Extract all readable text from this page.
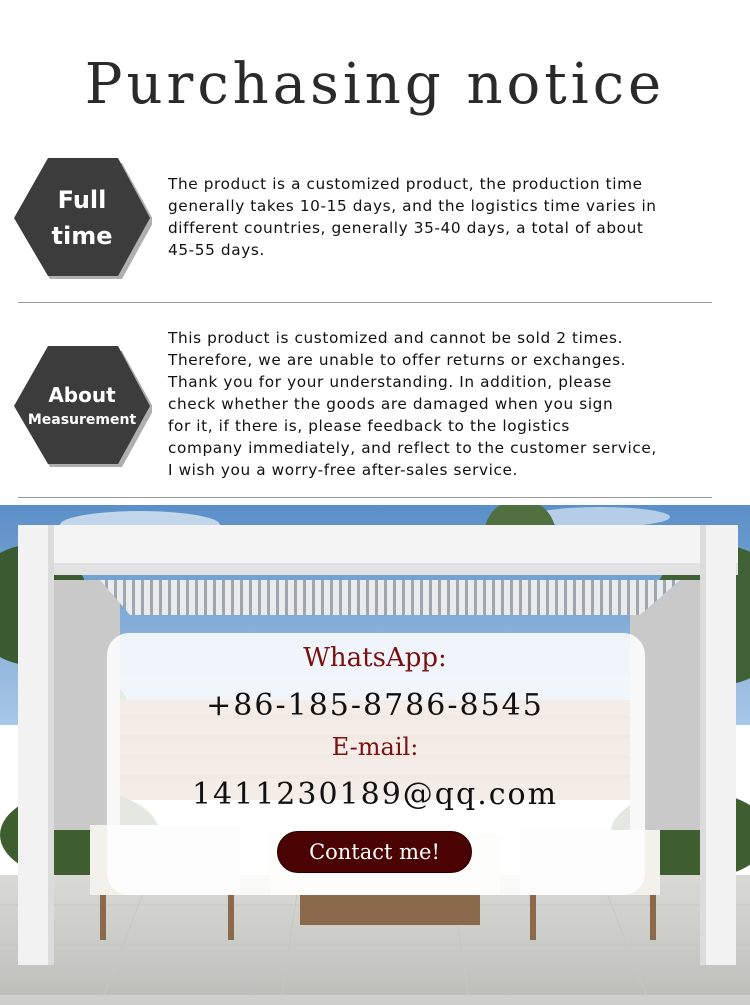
Purchasing notice
Full
time
The product is a customized product, the production time
generally takes 10-15 days, and the logistics time varies in
different countries, generally 35-40 days, a total of about
45-55 days.
About
Measurement
This product is customized and cannot be sold 2 times.
Therefore, we are unable to offer returns or exchanges.
Thank you for your understanding. In addition, please
check whether the goods are damaged when you sign
for it, if there is, please feedback to the logistics
company immediately, and reflect to the customer service,
I wish you a worry-free after-sales service.
WhatsApp:
+86-185-8786-8545
E-mail:
1411230189@qq.com
Contact me!
